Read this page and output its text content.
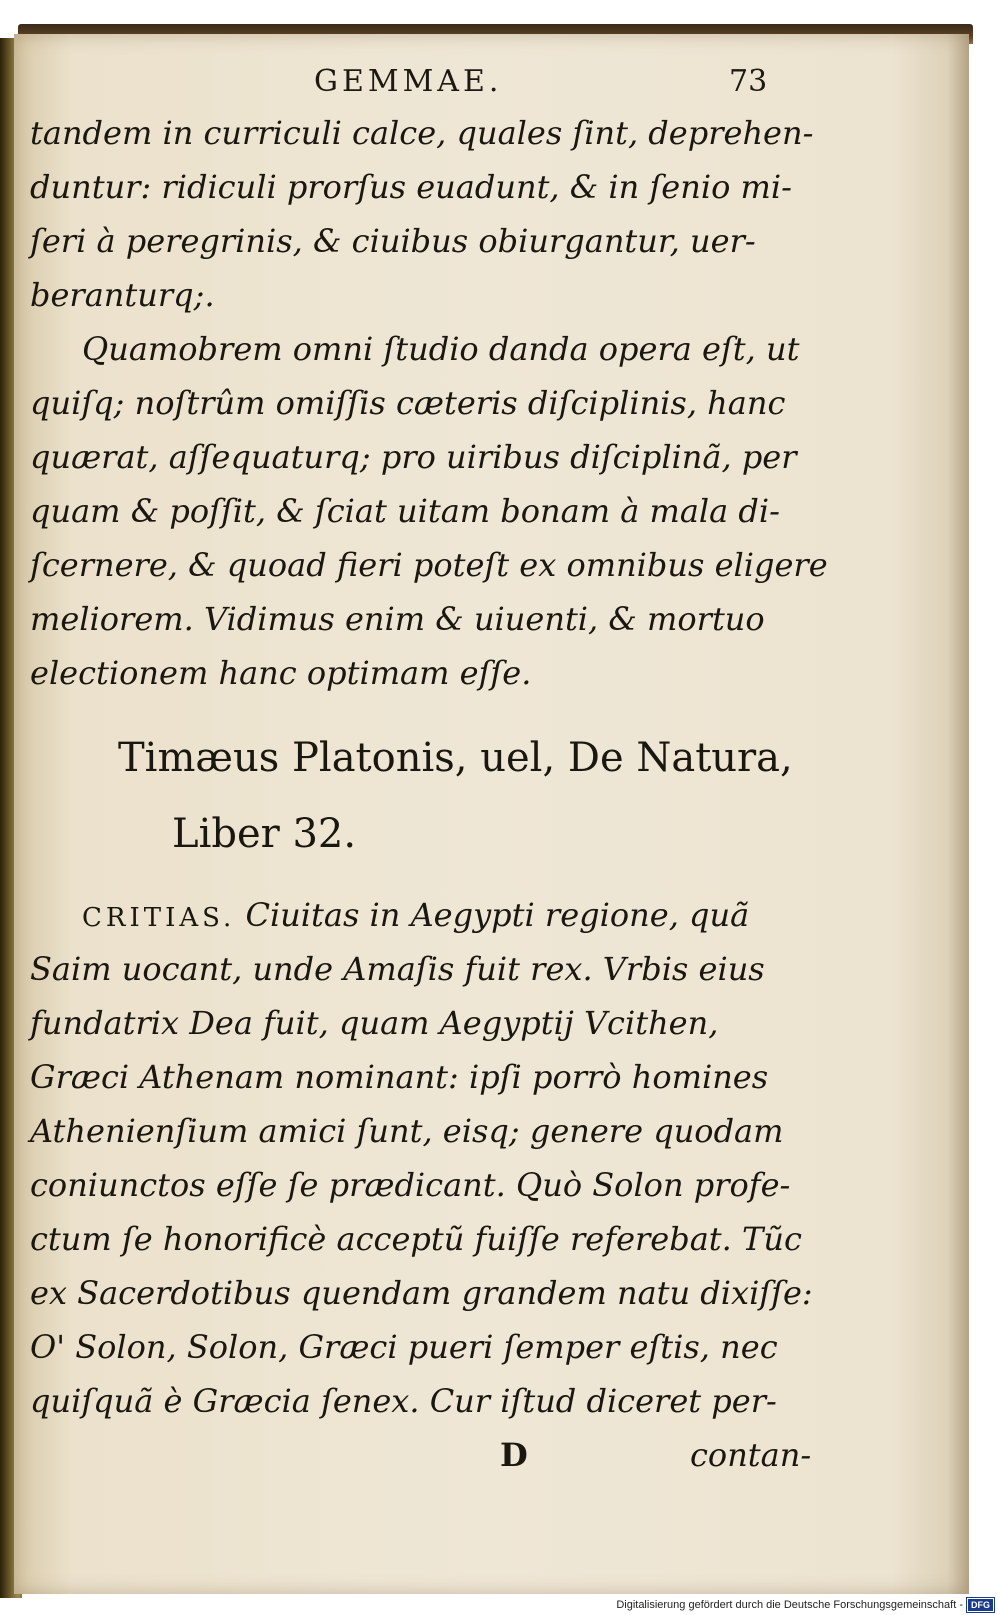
GEMMAE.	73
tandem in curriculi calce, quales ſint, deprehen-
duntur: ridiculi prorſus euadunt, & in ſenio mi-
ſeri à peregrinis, & ciuibus obiurgantur, uer-
beranturq;.
Quamobrem omni ſtudio danda opera eſt, ut
quiſq; noſtrûm omiſſis cæteris diſciplinis, hanc
quærat, aſſequaturq; pro uiribus diſciplinã, per
quam & poſſit, & ſciat uitam bonam à mala di-
ſcernere, & quoad fieri poteſt ex omnibus eligere
meliorem. Vidimus enim & uiuenti, & mortuo
electionem hanc optimam eſſe.
Timæus Platonis, uel, De Natura,
Liber 32.
CRITIAS. Ciuitas in Aegypti regione, quã
Saim uocant, unde Amaſis fuit rex. Vrbis eius
fundatrix Dea fuit, quam Aegyptij Vcithen,
Græci Athenam nominant: ipſi porrò homines
Athenienſium amici ſunt, eisq; genere quodam
coniunctos eſſe ſe prædicant. Quò Solon profe-
ctum ſe honorificè acceptũ fuiſſe referebat. Tũc
ex Sacerdotibus quendam grandem natu dixiſſe:
O' Solon, Solon, Græci pueri ſemper eſtis, nec
quiſquã è Græcia ſenex. Cur iſtud diceret per-
D	contan-
Digitalisierung gefördert durch die Deutsche Forschungsgemeinschaft - DFG
